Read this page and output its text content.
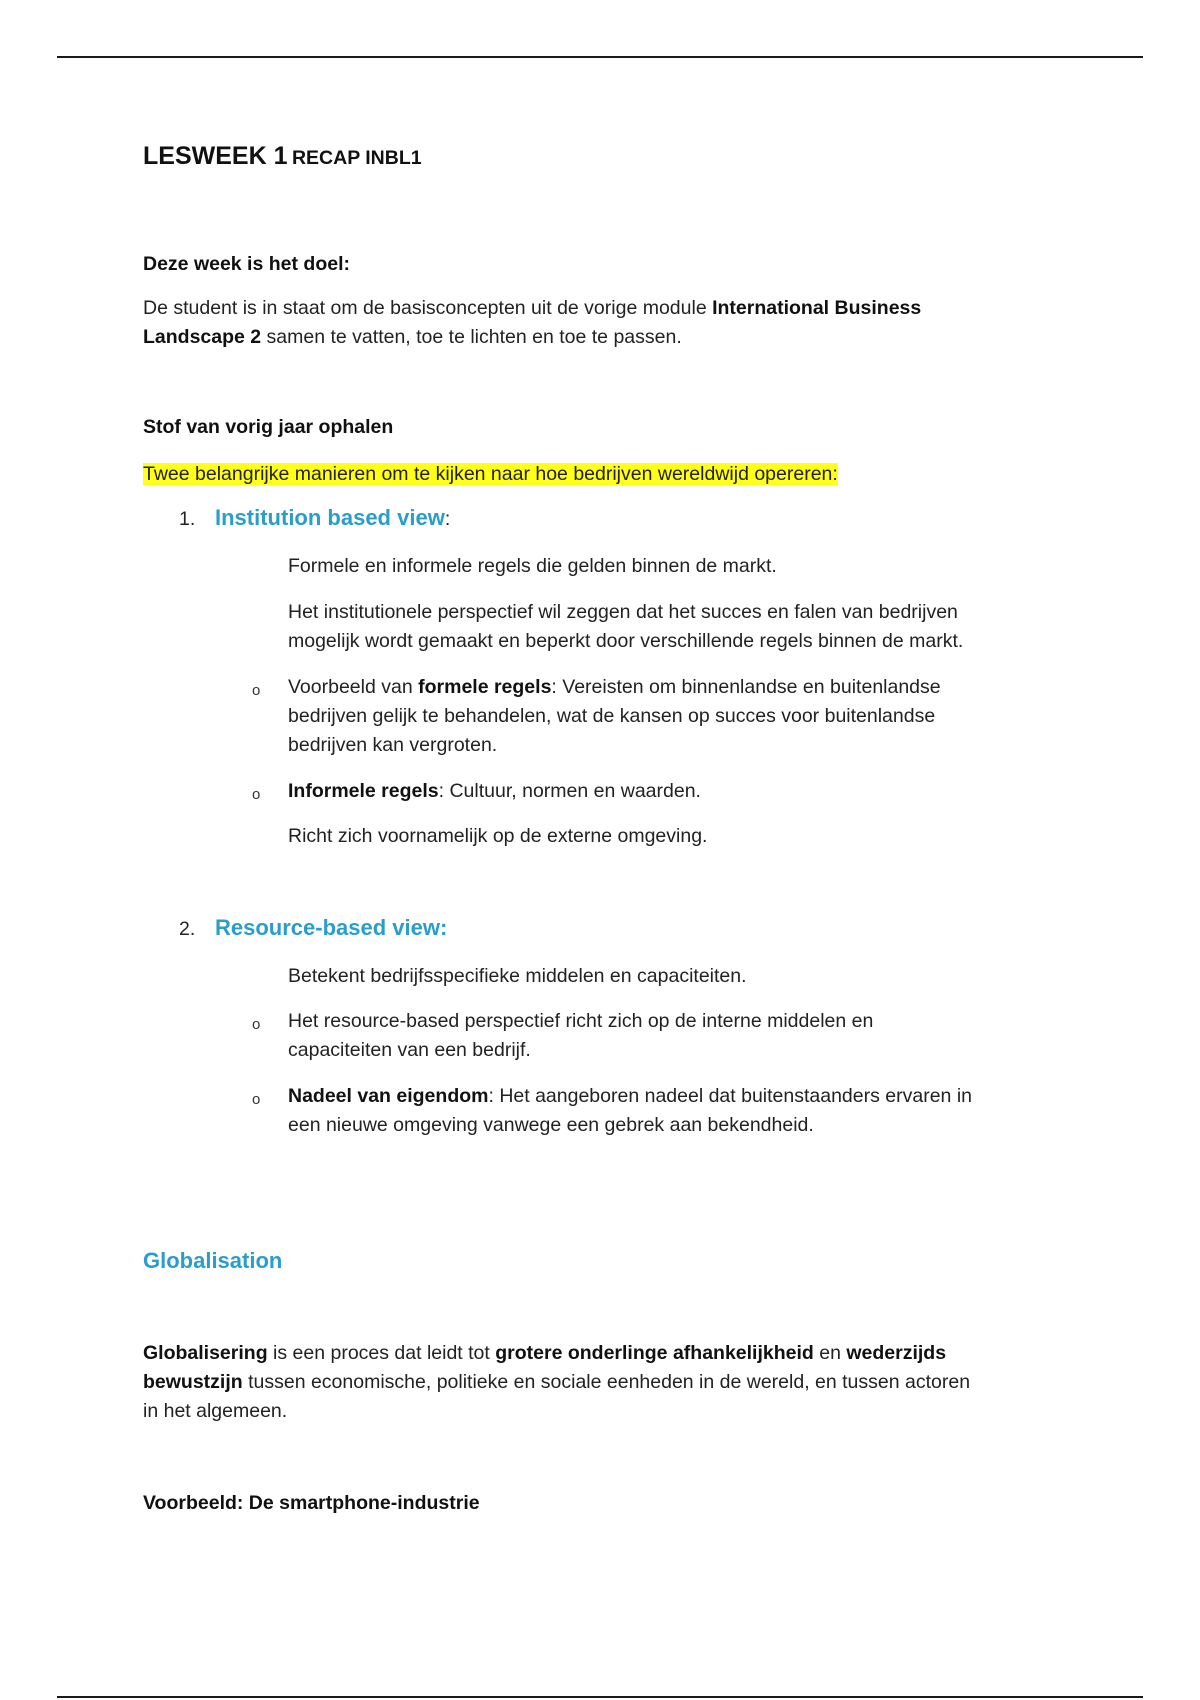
LESWEEK 1 RECAP INBL1
Deze week is het doel:
De student is in staat om de basisconcepten uit de vorige module International Business
Landscape 2 samen te vatten, toe te lichten en toe te passen.
Stof van vorig jaar ophalen
Twee belangrijke manieren om te kijken naar hoe bedrijven wereldwijd opereren:
1. Institution based view:
Formele en informele regels die gelden binnen de markt.
Het institutionele perspectief wil zeggen dat het succes en falen van bedrijven
mogelijk wordt gemaakt en beperkt door verschillende regels binnen de markt.
o Voorbeeld van formele regels: Vereisten om binnenlandse en buitenlandse
bedrijven gelijk te behandelen, wat de kansen op succes voor buitenlandse
bedrijven kan vergroten.
o Informele regels: Cultuur, normen en waarden.
Richt zich voornamelijk op de externe omgeving.
2. Resource-based view:
Betekent bedrijfsspecifieke middelen en capaciteiten.
o Het resource-based perspectief richt zich op de interne middelen en
capaciteiten van een bedrijf.
o Nadeel van eigendom: Het aangeboren nadeel dat buitenstaanders ervaren in
een nieuwe omgeving vanwege een gebrek aan bekendheid.
Globalisation
Globalisering is een proces dat leidt tot grotere onderlinge afhankelijkheid en wederzijds
bewustzijn tussen economische, politieke en sociale eenheden in de wereld, en tussen actoren
in het algemeen.
Voorbeeld: De smartphone-industrie
